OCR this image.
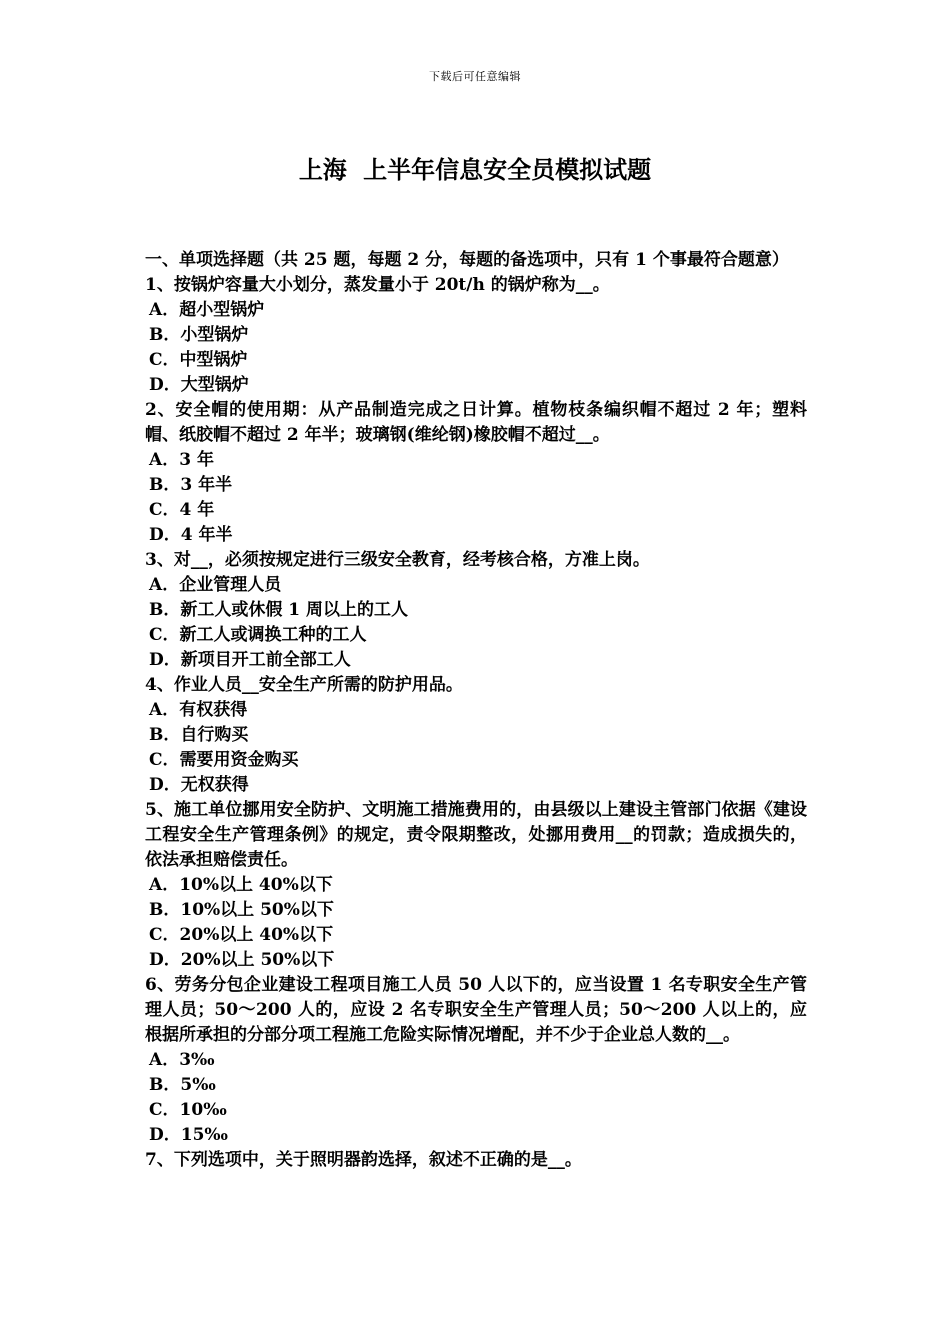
下载后可任意编辑
上海 上半年信息安全员模拟试题

一、单项选择题（共 25 题，每题 2 分，每题的备选项中，只有 1 个事最符合题意）

1、按锅炉容量大小划分，蒸发量小于 20t/h 的锅炉称为__。

A．超小型锅炉

B．小型锅炉

C．中型锅炉

D．大型锅炉

2、安全帽的使用期：从产品制造完成之日计算。植物枝条编织帽不超过 2 年；塑料帽、纸胶帽不超过 2 年半；玻璃钢(维纶钢)橡胶帽不超过__。

A．3 年

B．3 年半

C．4 年

D．4 年半

3、对__，必须按规定进行三级安全教育，经考核合格，方准上岗。

A．企业管理人员

B．新工人或休假 1 周以上的工人

C．新工人或调换工种的工人

D．新项目开工前全部工人

4、作业人员__安全生产所需的防护用品。

A．有权获得

B．自行购买

C．需要用资金购买

D．无权获得

5、施工单位挪用安全防护、文明施工措施费用的，由县级以上建设主管部门依据《建设工程安全生产管理条例》的规定，责令限期整改，处挪用费用__的罚款；造成损失的，依法承担赔偿责任。

A．10%以上 40%以下

B．10%以上 50%以下

C．20%以上 40%以下

D．20%以上 50%以下

6、劳务分包企业建设工程项目施工人员 50 人以下的，应当设置 1 名专职安全生产管理人员；50～200 人的，应设 2 名专职安全生产管理人员；50～200 人以上的，应根据所承担的分部分项工程施工危险实际情况增配，并不少于企业总人数的__。

A．3‰

B．5‰

C．10‰

D．15‰

7、下列选项中，关于照明器韵选择，叙述不正确的是__。
